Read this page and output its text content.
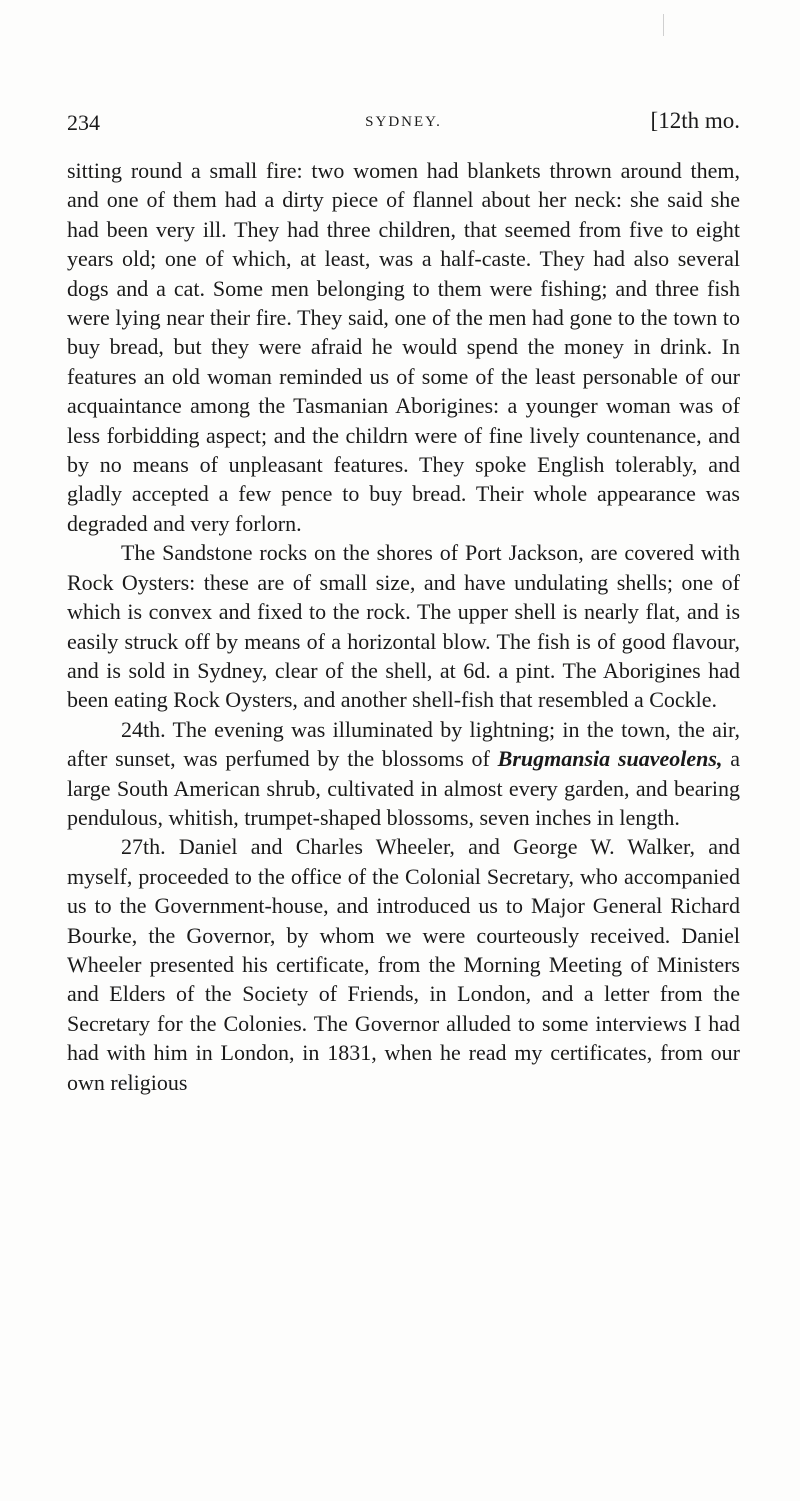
234	SYDNEY.	[12th mo.

sitting round a small fire: two women had blankets thrown around them, and one of them had a dirty piece of flannel about her neck: she said she had been very ill. They had three children, that seemed from five to eight years old; one of which, at least, was a half-caste. They had also several dogs and a cat. Some men belonging to them were fishing; and three fish were lying near their fire. They said, one of the men had gone to the town to buy bread, but they were afraid he would spend the money in drink. In features an old woman reminded us of some of the least personable of our acquaintance among the Tasmanian Aborigines: a younger woman was of less forbidding aspect; and the childrn were of fine lively countenance, and by no means of unpleasant features. They spoke English tolerably, and gladly accepted a few pence to buy bread. Their whole appearance was degraded and very forlorn.

The Sandstone rocks on the shores of Port Jackson, are covered with Rock Oysters: these are of small size, and have undulating shells; one of which is convex and fixed to the rock. The upper shell is nearly flat, and is easily struck off by means of a horizontal blow. The fish is of good flavour, and is sold in Sydney, clear of the shell, at 6d. a pint. The Aborigines had been eating Rock Oysters, and another shell-fish that resembled a Cockle.

24th. The evening was illuminated by lightning; in the town, the air, after sunset, was perfumed by the blossoms of Brugmansia suaveolens, a large South American shrub, cultivated in almost every garden, and bearing pendulous, whitish, trumpet-shaped blossoms, seven inches in length.

27th. Daniel and Charles Wheeler, and George W. Walker, and myself, proceeded to the office of the Colonial Secretary, who accompanied us to the Government-house, and introduced us to Major General Richard Bourke, the Governor, by whom we were courteously received. Daniel Wheeler presented his certificate, from the Morning Meeting of Ministers and Elders of the Society of Friends, in London, and a letter from the Secretary for the Colonies. The Governor alluded to some interviews I had had with him in London, in 1831, when he read my certificates, from our own religious
